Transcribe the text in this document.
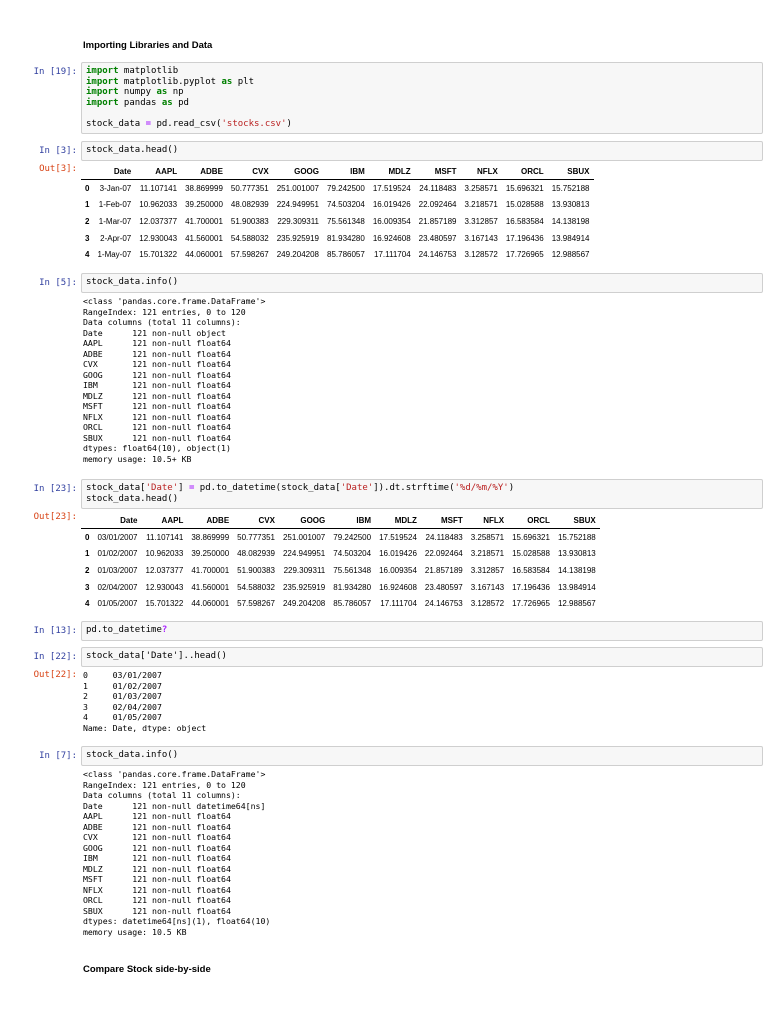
Importing Libraries and Data
In [19]:	import matplotlib
import matplotlib.pyplot as plt
import numpy as np
import pandas as pd

stock_data = pd.read_csv('stocks.csv')
In [3]:	stock_data.head()
Out[3]:
		Date	AAPL	ADBE	CVX	GOOG	IBM	MDLZ	MSFT	NFLX	ORCL	SBUX
0	3-Jan-07	11.107141	38.869999	50.777351	251.001007	79.242500	17.519524	24.118483	3.258571	15.696321	15.752188
1	1-Feb-07	10.962033	39.250000	48.082939	224.949951	74.503204	16.019426	22.092464	3.218571	15.028588	13.930813
2	1-Mar-07	12.037377	41.700001	51.900383	229.309311	75.561348	16.009354	21.857189	3.312857	16.583584	14.138198
3	2-Apr-07	12.930043	41.560001	54.588032	235.925919	81.934280	16.924608	23.480597	3.167143	17.196436	13.984914
4	1-May-07	15.701322	44.060001	57.598267	249.204208	85.786057	17.111704	24.146753	3.128572	17.726965	12.988567
In [5]:	stock_data.info()
<class 'pandas.core.frame.DataFrame'>
RangeIndex: 121 entries, 0 to 120
Data columns (total 11 columns):
Date      121 non-null object
AAPL      121 non-null float64
ADBE      121 non-null float64
CVX       121 non-null float64
GOOG      121 non-null float64
IBM       121 non-null float64
MDLZ      121 non-null float64
MSFT      121 non-null float64
NFLX      121 non-null float64
ORCL      121 non-null float64
SBUX      121 non-null float64
dtypes: float64(10), object(1)
memory usage: 10.5+ KB
In [23]:	stock_data['Date'] = pd.to_datetime(stock_data['Date']).dt.strftime('%d/%m/%Y')
stock_data.head()
Out[23]:
		Date	AAPL	ADBE	CVX	GOOG	IBM	MDLZ	MSFT	NFLX	ORCL	SBUX
0	03/01/2007	11.107141	38.869999	50.777351	251.001007	79.242500	17.519524	24.118483	3.258571	15.696321	15.752188
1	01/02/2007	10.962033	39.250000	48.082939	224.949951	74.503204	16.019426	22.092464	3.218571	15.028588	13.930813
2	01/03/2007	12.037377	41.700001	51.900383	229.309311	75.561348	16.009354	21.857189	3.312857	16.583584	14.138198
3	02/04/2007	12.930043	41.560001	54.588032	235.925919	81.934280	16.924608	23.480597	3.167143	17.196436	13.984914
4	01/05/2007	15.701322	44.060001	57.598267	249.204208	85.786057	17.111704	24.146753	3.128572	17.726965	12.988567
In [13]:	pd.to_datetime?
In [22]:	stock_data['Date']..head()
Out[22]: 0     03/01/2007
1     01/02/2007
2     01/03/2007
3     02/04/2007
4     01/05/2007
Name: Date, dtype: object
In [7]:	stock_data.info()
<class 'pandas.core.frame.DataFrame'>
RangeIndex: 121 entries, 0 to 120
Data columns (total 11 columns):
Date      121 non-null datetime64[ns]
AAPL      121 non-null float64
ADBE      121 non-null float64
CVX       121 non-null float64
GOOG      121 non-null float64
IBM       121 non-null float64
MDLZ      121 non-null float64
MSFT      121 non-null float64
NFLX      121 non-null float64
ORCL      121 non-null float64
SBUX      121 non-null float64
dtypes: datetime64[ns](1), float64(10)
memory usage: 10.5 KB
Compare Stock side-by-side
